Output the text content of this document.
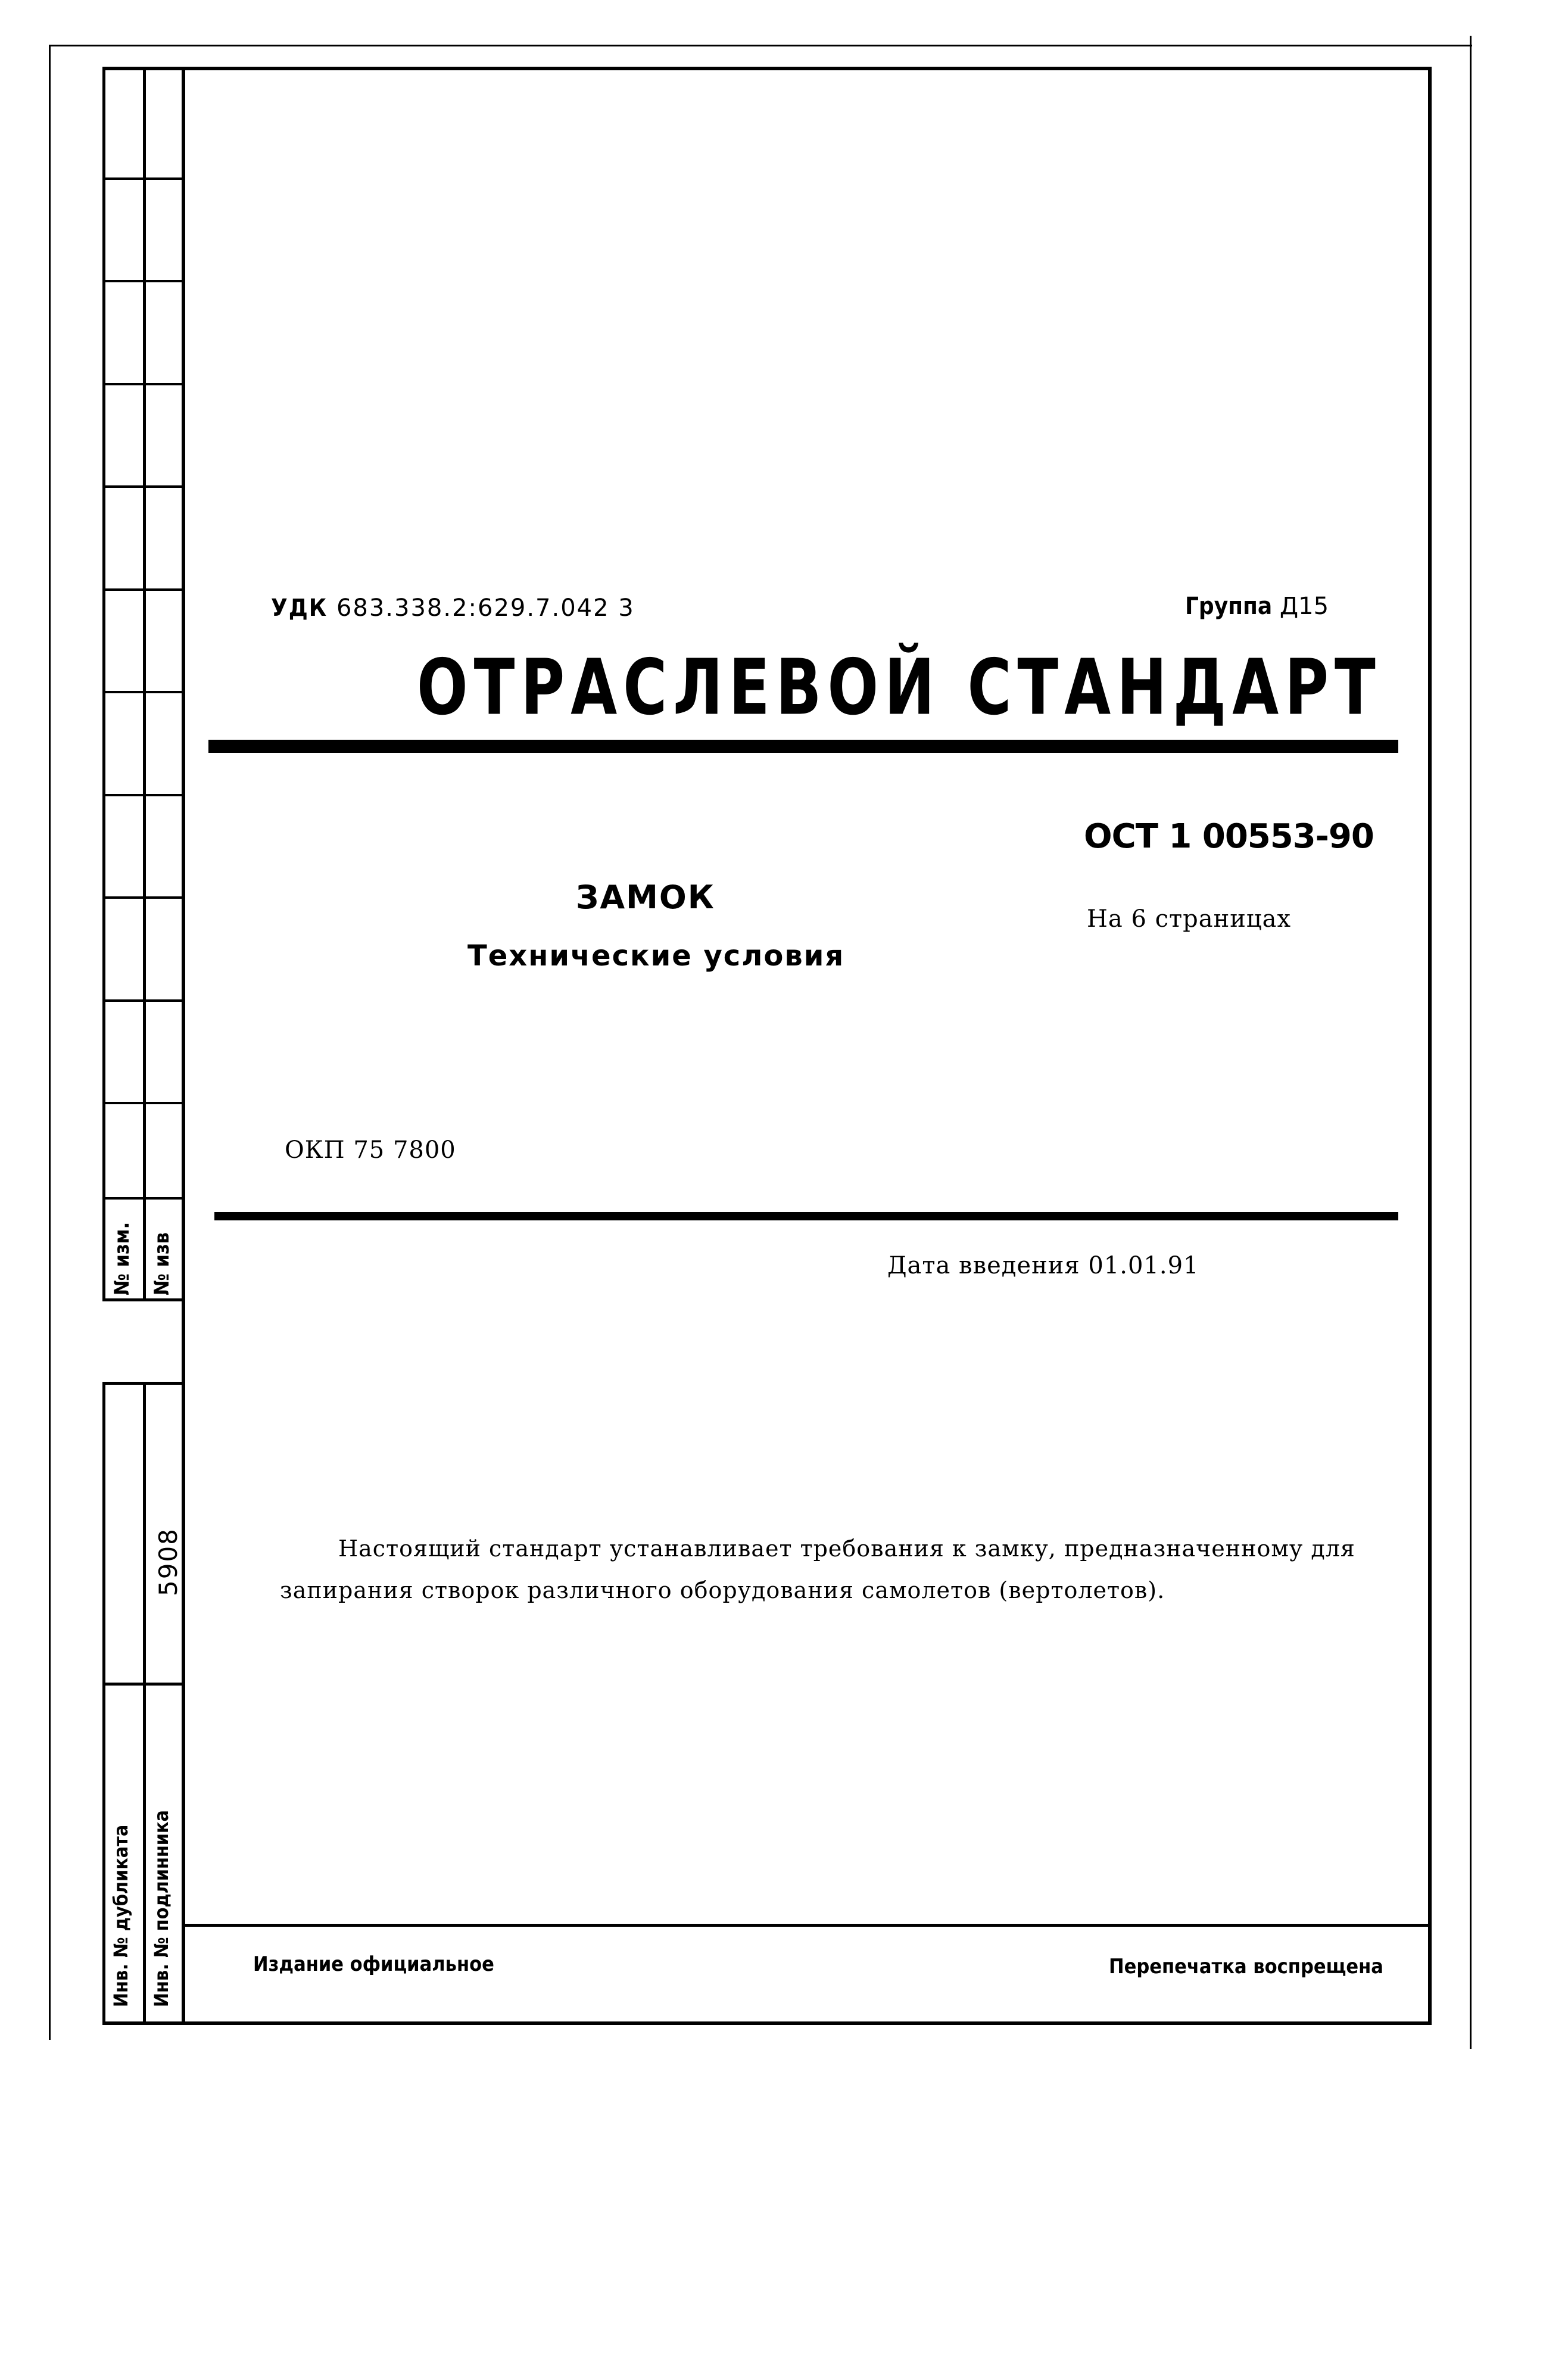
№ изм. № изв
5908
Инв. № дубликата Инв. № подлинника
УДК 683.338.2:629.7.042 3	Группа Д15
ОТРАСЛЕВОЙ СТАНДАРТ
ОСТ 1 00553-90
На 6 страницах
ЗАМОК
Технические условия
ОКП 75 7800
Дата введения 01.01.91
Настоящий стандарт устанавливает требования к замку, предназначенному для
запирания створок различного оборудования самолетов (вертолетов).
Издание официальное	Перепечатка воспрещена
